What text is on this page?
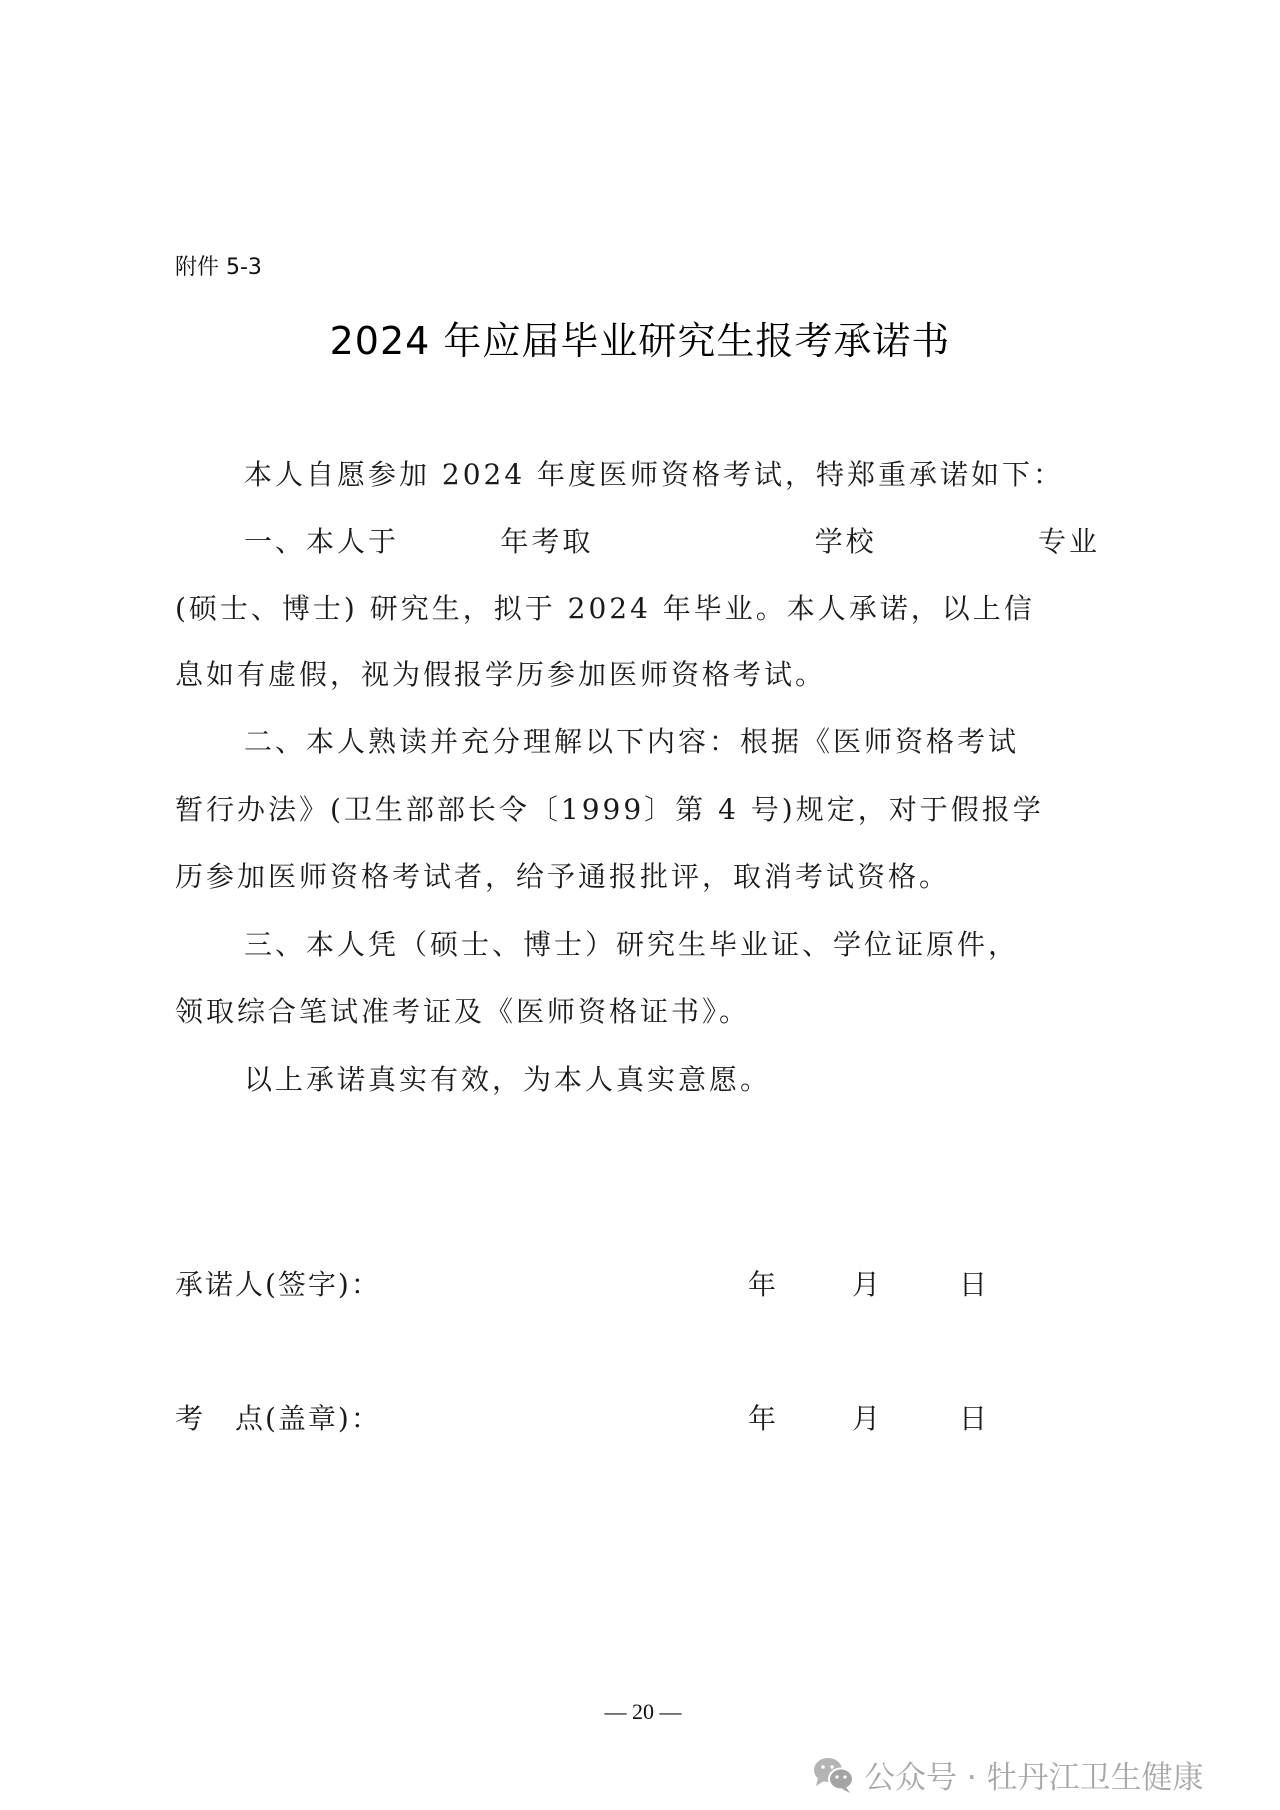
附件 5-3
2024 年应届毕业研究生报考承诺书
本人自愿参加 2024 年度医师资格考试，特郑重承诺如下：
一、本人于	年考取	学校	专业
(硕士、博士) 研究生，拟于 2024 年毕业。本人承诺，以上信
息如有虚假，视为假报学历参加医师资格考试。
二、本人熟读并充分理解以下内容：根据《医师资格考试
暂行办法》(卫生部部长令〔1999〕第 4 号)规定，对于假报学
历参加医师资格考试者，给予通报批评，取消考试资格。
三、本人凭（硕士、博士）研究生毕业证、学位证原件，
领取综合笔试准考证及《医师资格证书》。
以上承诺真实有效，为本人真实意愿。
承诺人(签字)：	年	月	日
考　点(盖章)：	年	月	日
— 20 —
公众号 · 牡丹江卫生健康
